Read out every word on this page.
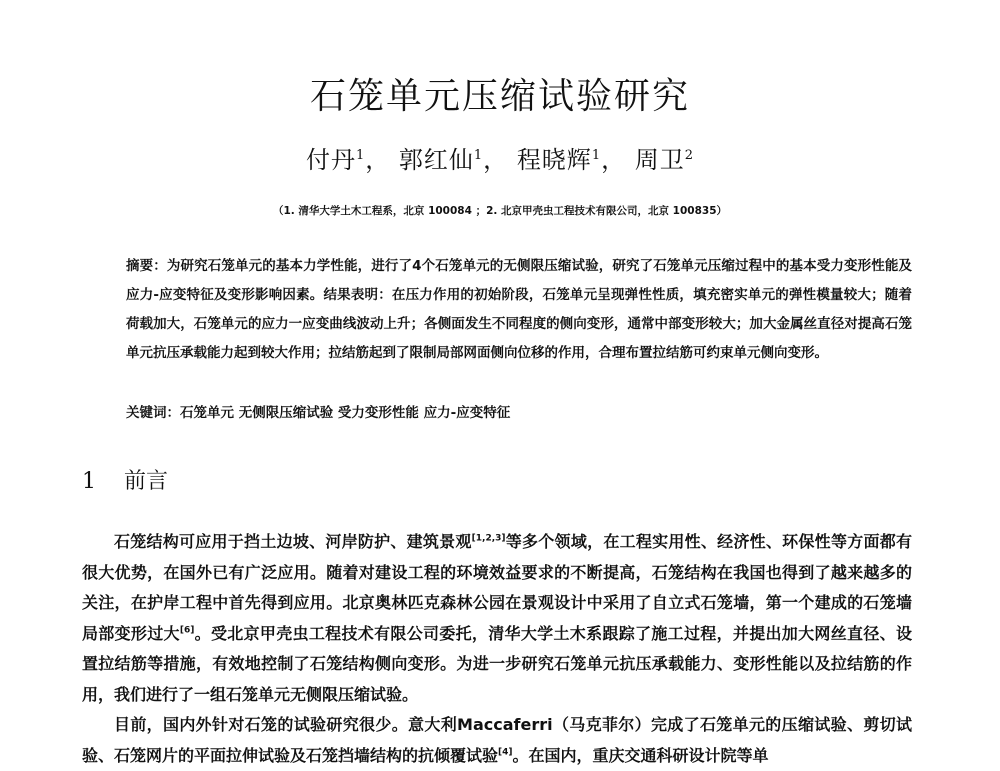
石笼单元压缩试验研究
付丹$^1$， 郭红仙$^1$， 程晓辉$^1$， 周卫$^2$
（1. 清华大学土木工程系，北京 100084 ；2. 北京甲壳虫工程技术有限公司，北京 100835）
摘要：为研究石笼单元的基本力学性能，进行了4个石笼单元的无侧限压缩试验，研究了石笼单元压缩过程中的基本受力变形性能及应力-应变特征及变形影响因素。结果表明：在压力作用的初始阶段，石笼单元呈现弹性性质，填充密实单元的弹性模量较大；随着荷载加大，石笼单元的应力一应变曲线波动上升；各侧面发生不同程度的侧向变形，通常中部变形较大；加大金属丝直径对提高石笼单元抗压承载能力起到较大作用；拉结筋起到了限制局部网面侧向位移的作用，合理布置拉结筋可约束单元侧向变形。
关键词：石笼单元 无侧限压缩试验 受力变形性能 应力-应变特征
1 前言

石笼结构可应用于挡土边坡、河岸防护、建筑景观[1,2,3]等多个领域，在工程实用性、经济性、环保性等方面都有很大优势，在国外已有广泛应用。随着对建设工程的环境效益要求的不断提高，石笼结构在我国也得到了越来越多的关注，在护岸工程中首先得到应用。北京奥林匹克森林公园在景观设计中采用了自立式石笼墙，第一个建成的石笼墙局部变形过大[6]。受北京甲壳虫工程技术有限公司委托，清华大学土木系跟踪了施工过程，并提出加大网丝直径、设置拉结筋等措施，有效地控制了石笼结构侧向变形。为进一步研究石笼单元抗压承载能力、变形性能以及拉结筋的作用，我们进行了一组石笼单元无侧限压缩试验。

目前，国内外针对石笼的试验研究很少。意大利Maccaferri（马克菲尔）完成了石笼单元的压缩试验、剪切试验、石笼网片的平面拉伸试验及石笼挡墙结构的抗倾覆试验[4]。在国内，重庆交通科研设计院等单
